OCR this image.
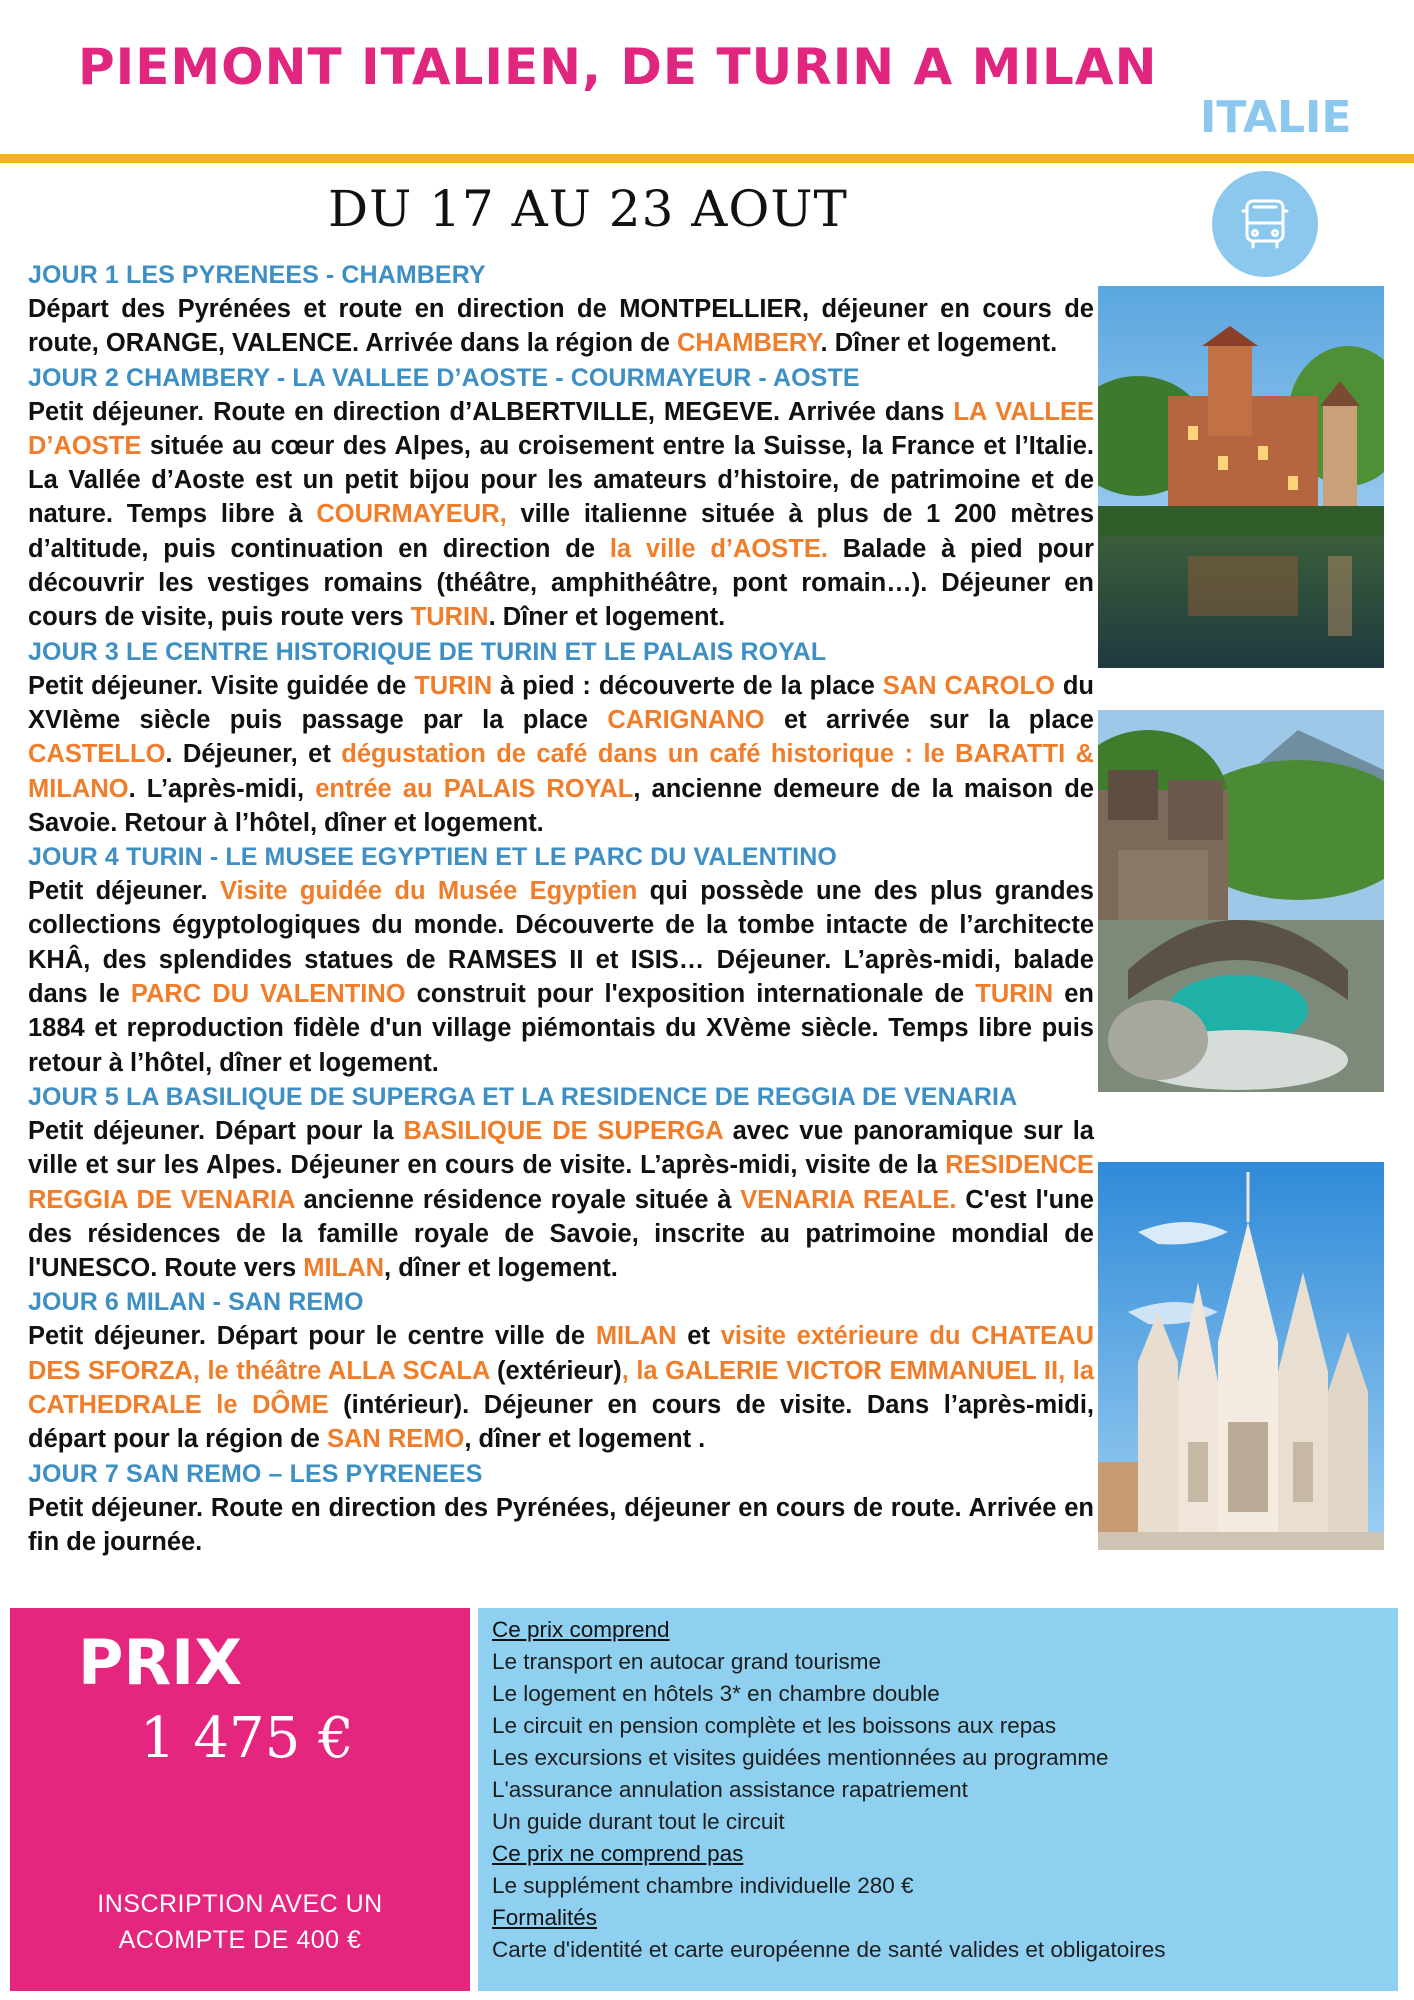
PIEMONT ITALIEN, DE TURIN A MILAN
ITALIE
DU 17 AU 23 AOUT
JOUR 1 LES PYRENEES - CHAMBERY

Départ des Pyrénées et route en direction de MONTPELLIER, déjeuner en cours de route, ORANGE, VALENCE. Arrivée dans la région de CHAMBERY. Dîner et logement.

JOUR 2 CHAMBERY - LA VALLEE D’AOSTE - COURMAYEUR - AOSTE

Petit déjeuner. Route en direction d’ALBERTVILLE, MEGEVE. Arrivée dans LA VALLEE D’AOSTE située au cœur des Alpes, au croisement entre la Suisse, la France et l’Italie. La Vallée d’Aoste est un petit bijou pour les amateurs d’histoire, de patrimoine et de nature. Temps libre à COURMAYEUR, ville italienne située à plus de 1 200 mètres d’altitude, puis continuation en direction de la ville d’AOSTE. Balade à pied pour découvrir les vestiges romains (théâtre, amphithéâtre, pont romain…). Déjeuner en cours de visite, puis route vers TURIN. Dîner et logement.

JOUR 3 LE CENTRE HISTORIQUE DE TURIN ET LE PALAIS ROYAL

Petit déjeuner. Visite guidée de TURIN à pied : découverte de la place SAN CAROLO du XVIème siècle puis passage par la place CARIGNANO et arrivée sur la place CASTELLO. Déjeuner, et dégustation de café dans un café historique : le BARATTI & MILANO. L’après-midi, entrée au PALAIS ROYAL, ancienne demeure de la maison de Savoie. Retour à l’hôtel, dîner et logement.

JOUR 4 TURIN - LE MUSEE EGYPTIEN ET LE PARC DU VALENTINO

Petit déjeuner. Visite guidée du Musée Egyptien qui possède une des plus grandes collections égyptologiques du monde. Découverte de la tombe intacte de l’architecte KHÂ, des splendides statues de RAMSES II et ISIS… Déjeuner. L’après-midi, balade dans le PARC DU VALENTINO construit pour l'exposition internationale de TURIN en 1884 et reproduction fidèle d'un village piémontais du XVème siècle. Temps libre puis retour à l’hôtel, dîner et logement.

JOUR 5 LA BASILIQUE DE SUPERGA ET LA RESIDENCE DE REGGIA DE VENARIA

Petit déjeuner. Départ pour la BASILIQUE DE SUPERGA avec vue panoramique sur la ville et sur les Alpes. Déjeuner en cours de visite. L’après-midi, visite de la RESIDENCE REGGIA DE VENARIA ancienne résidence royale située à VENARIA REALE. C'est l'une des résidences de la famille royale de Savoie, inscrite au patrimoine mondial de l'UNESCO. Route vers MILAN, dîner et logement.

JOUR 6 MILAN - SAN REMO

Petit déjeuner. Départ pour le centre ville de MILAN et visite extérieure du CHATEAU DES SFORZA, le théâtre ALLA SCALA (extérieur), la GALERIE VICTOR EMMANUEL II, la CATHEDRALE le DÔME (intérieur). Déjeuner en cours de visite. Dans l’après-midi, départ pour la région de SAN REMO, dîner et logement .

JOUR 7 SAN REMO – LES PYRENEES

Petit déjeuner. Route en direction des Pyrénées, déjeuner en cours de route. Arrivée en fin de journée.

PRIX
1 475 €
INSCRIPTION AVEC UN
ACOMPTE DE 400 €
Ce prix comprend
Le transport en autocar grand tourisme
Le logement en hôtels 3* en chambre double
Le circuit en pension complète et les boissons aux repas
Les excursions et visites guidées mentionnées au programme
L'assurance annulation assistance rapatriement
Un guide durant tout le circuit
Ce prix ne comprend pas
Le supplément chambre individuelle 280 €
Formalités
Carte d'identité et carte européenne de santé valides et obligatoires
